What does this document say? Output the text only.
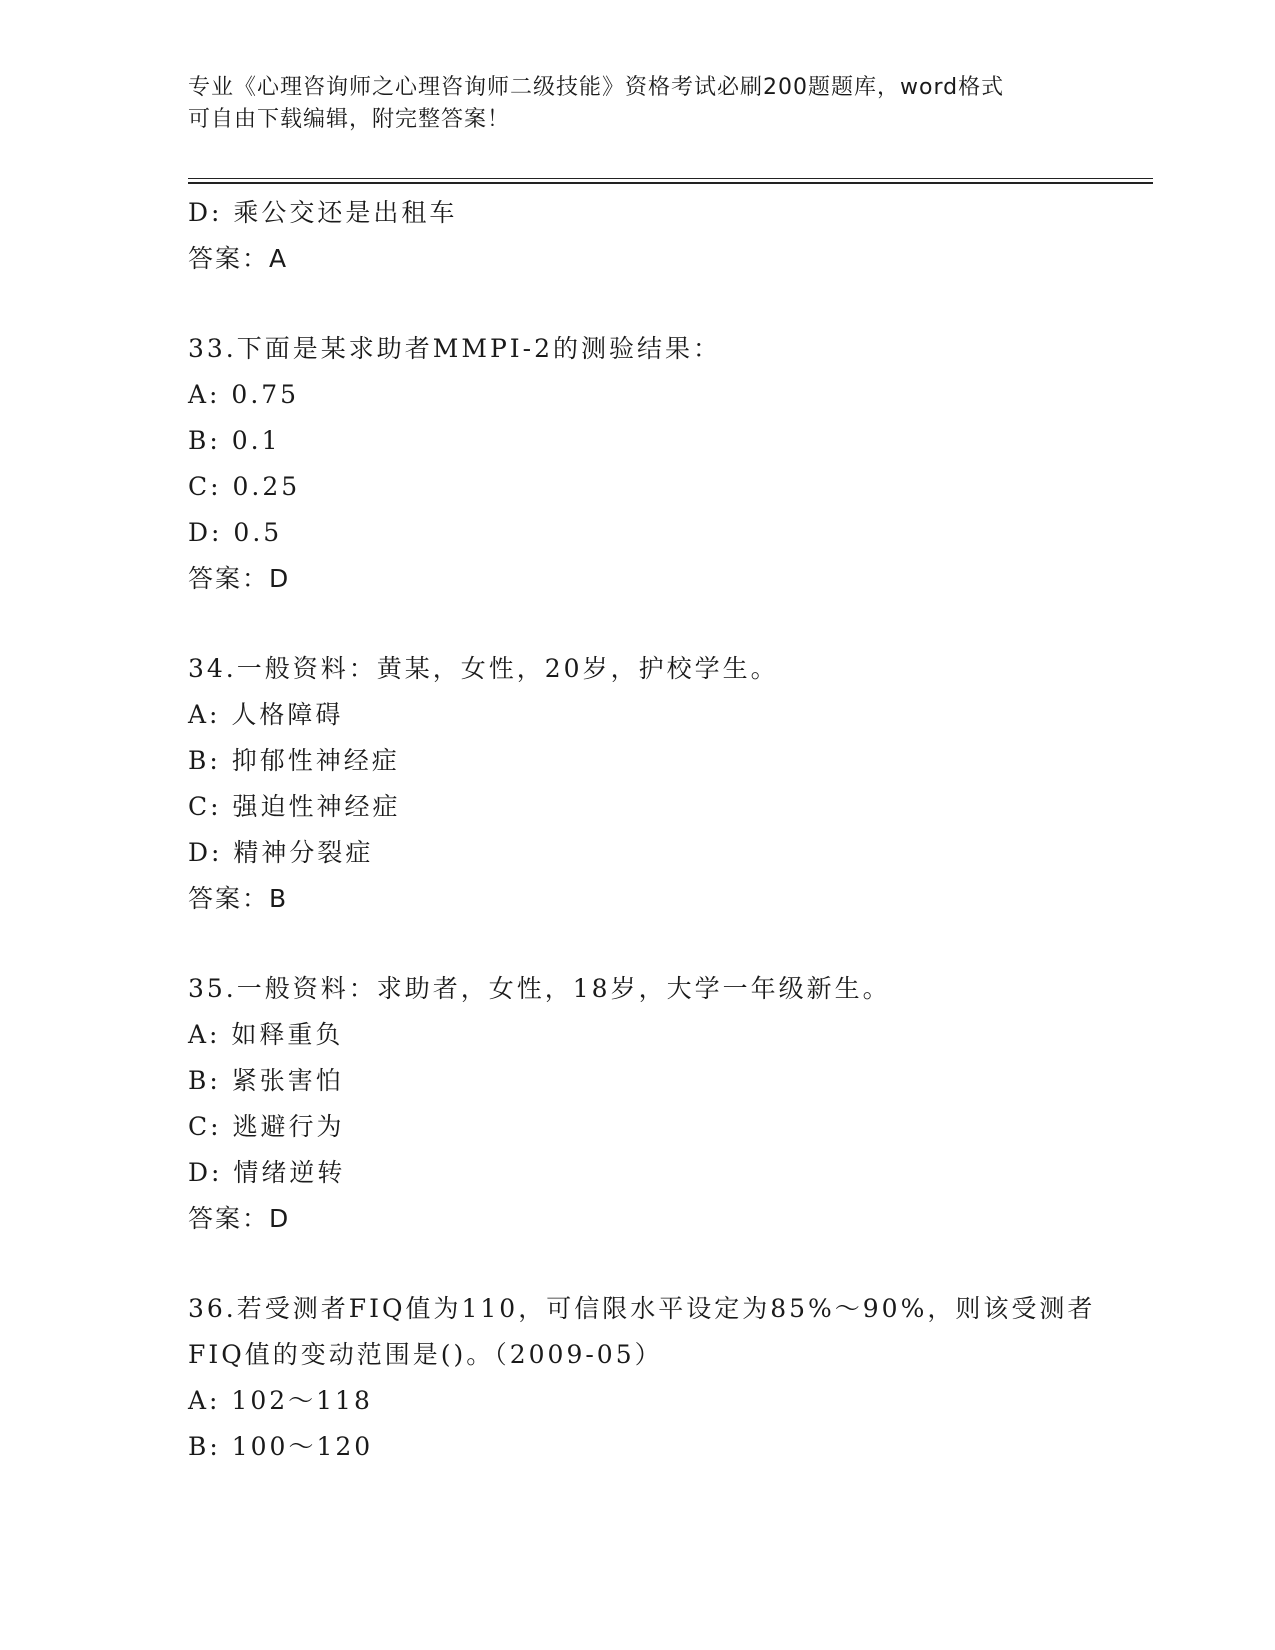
专业《心理咨询师之心理咨询师二级技能》资格考试必刷200题题库，word格式
可自由下载编辑，附完整答案！
D: 乘公交还是出租车
答案：A
33.下面是某求助者MMPI-2的测验结果：
A: 0.75
B: 0.1
C: 0.25
D: 0.5
答案：D
34.一般资料：黄某，女性，20岁，护校学生。
A: 人格障碍
B: 抑郁性神经症
C: 强迫性神经症
D: 精神分裂症
答案：B
35.一般资料：求助者，女性，18岁，大学一年级新生。
A: 如释重负
B: 紧张害怕
C: 逃避行为
D: 情绪逆转
答案：D
36.若受测者FIQ值为110，可信限水平设定为85%～90%，则该受测者
FIQ值的变动范围是()。（2009-05）
A: 102～118
B: 100～120
